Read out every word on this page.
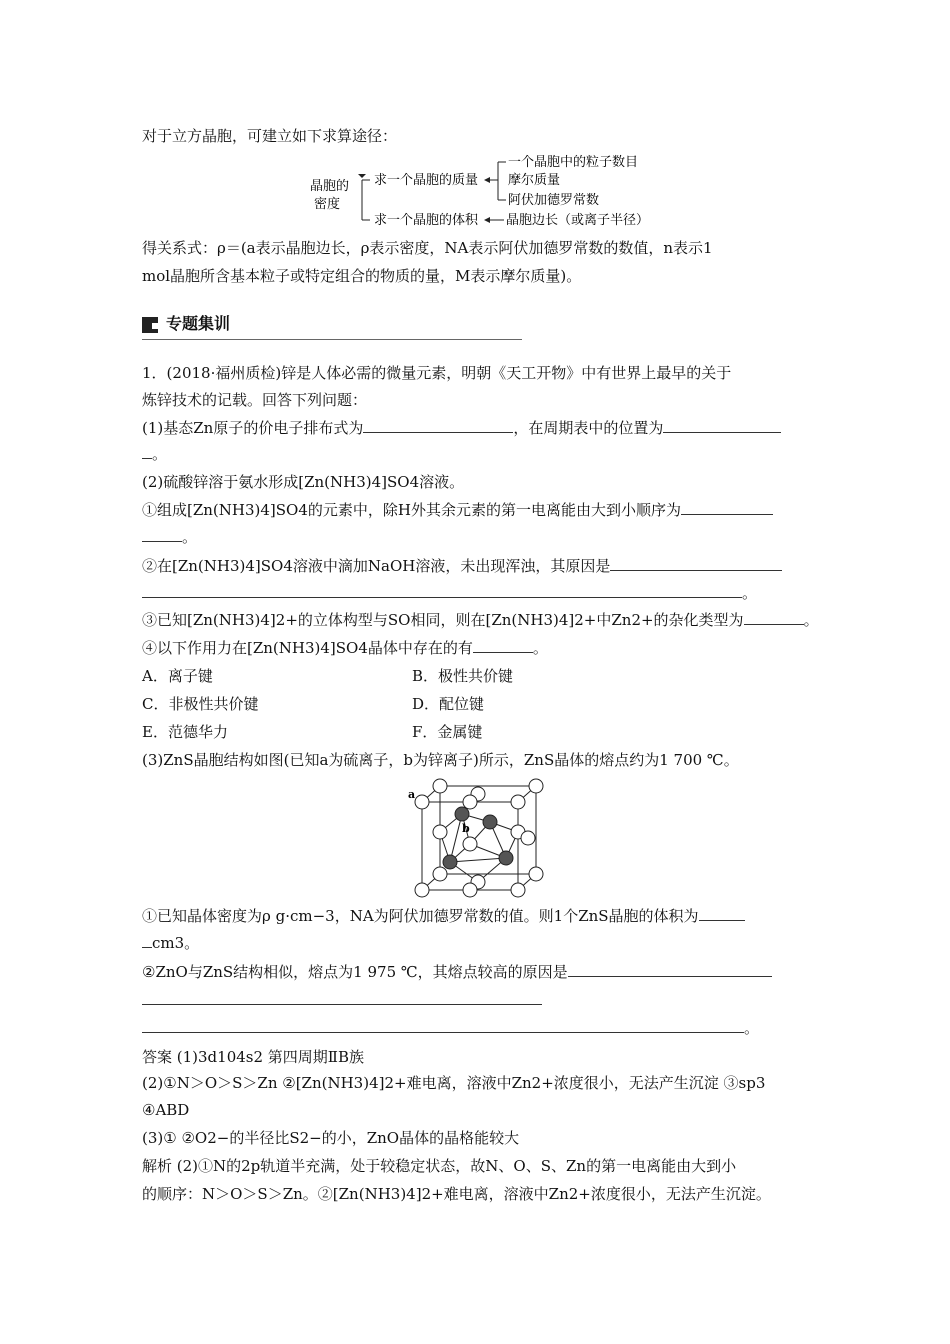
对于立方晶胞，可建立如下求算途径：
晶胞的
密度
求一个晶胞的质量
求一个晶胞的体积
一个晶胞中的粒子数目
摩尔质量
阿伏加德罗常数
晶胞边长（或离子半径）
得关系式：ρ＝(a表示晶胞边长，ρ表示密度，NA表示阿伏加德罗常数的数值，n表示1
mol晶胞所含基本粒子或特定组合的物质的量，M表示摩尔质量)。
专题集训
1．(2018·福州质检)锌是人体必需的微量元素，明朝《天工开物》中有世界上最早的关于
炼锌技术的记载。回答下列问题：
(1)基态Zn原子的价电子排布式为	，在周期表中的位置为
。
(2)硫酸锌溶于氨水形成[Zn(NH3)4]SO4溶液。
①组成[Zn(NH3)4]SO4的元素中，除H外其余元素的第一电离能由大到小顺序为
。
②在[Zn(NH3)4]SO4溶液中滴加NaOH溶液，未出现浑浊，其原因是
。
③已知[Zn(NH3)4]2+的立体构型与SO相同，则在[Zn(NH3)4]2+中Zn2+的杂化类型为	。
④以下作用力在[Zn(NH3)4]SO4晶体中存在的有	。
A．离子键	B．极性共价键
C．非极性共价键	D．配位键
E．范德华力	F．金属键
(3)ZnS晶胞结构如图(已知a为硫离子，b为锌离子)所示，ZnS晶体的熔点约为1 700 ℃。
a
b
①已知晶体密度为ρ g·cm−3，NA为阿伏加德罗常数的值。则1个ZnS晶胞的体积为
cm3。
②ZnO与ZnS结构相似，熔点为1 975 ℃，其熔点较高的原因是
。
答案 (1)3d104s2 第四周期ⅡB族
(2)①N＞O＞S＞Zn ②[Zn(NH3)4]2+难电离，溶液中Zn2+浓度很小，无法产生沉淀 ③sp3
④ABD
(3)① ②O2−的半径比S2−的小，ZnO晶体的晶格能较大
解析 (2)①N的2p轨道半充满，处于较稳定状态，故N、O、S、Zn的第一电离能由大到小
的顺序：N＞O＞S＞Zn。②[Zn(NH3)4]2+难电离，溶液中Zn2+浓度很小，无法产生沉淀。
